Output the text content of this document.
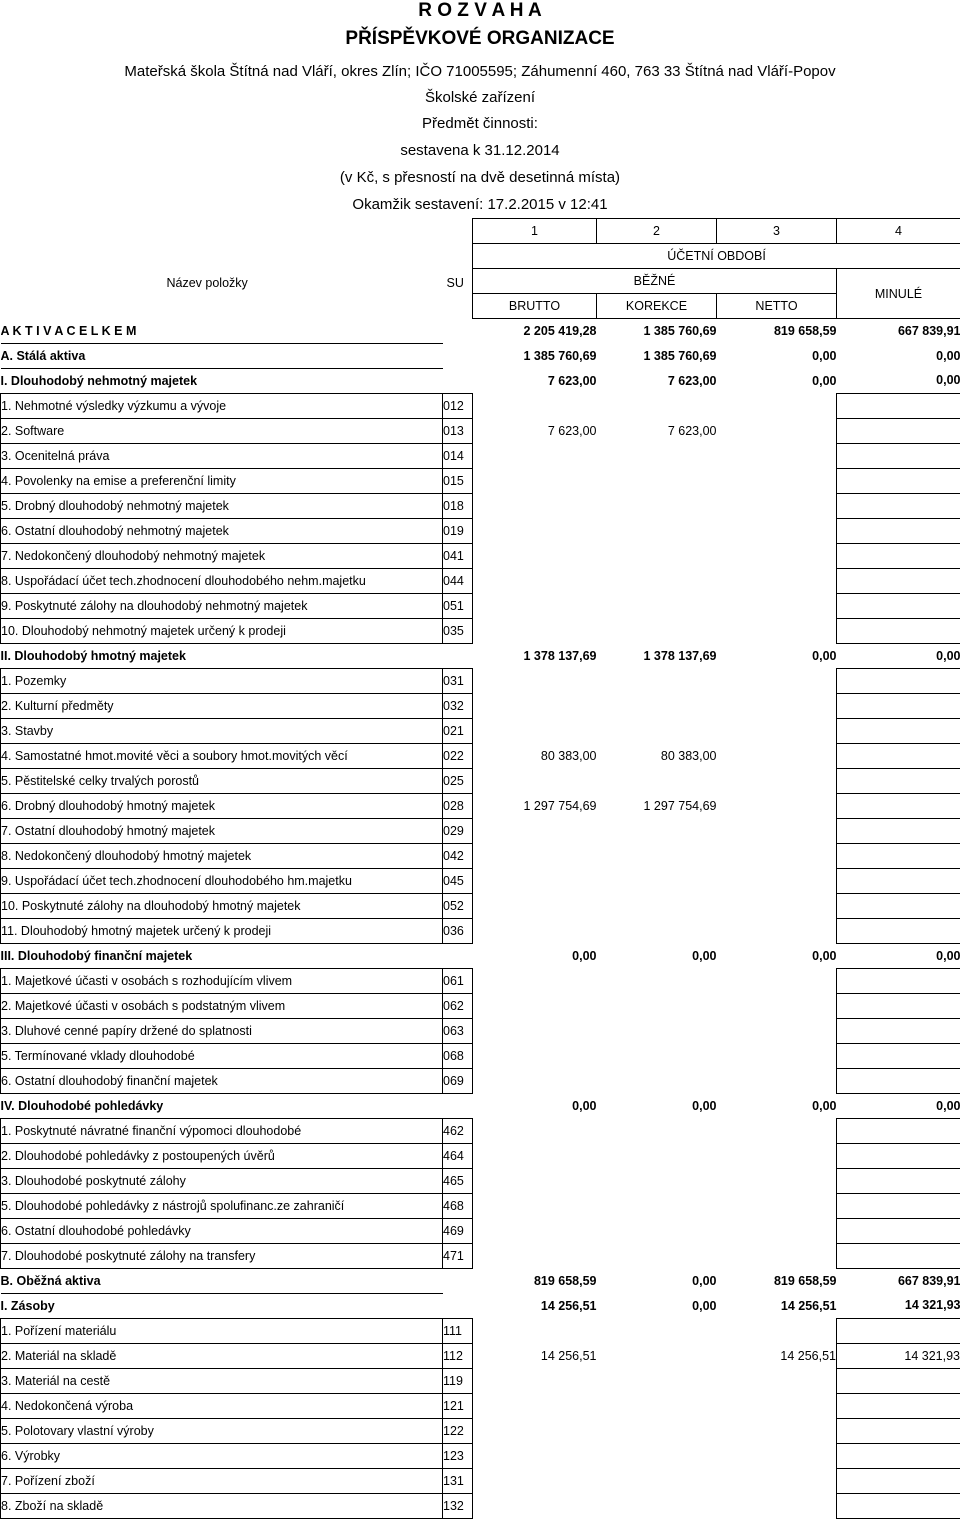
R O Z V A H A
PŘÍSPĚVKOVÉ ORGANIZACE
Mateřská škola Štítná nad Vláří, okres Zlín; IČO 71005595; Záhumenní 460, 763 33 Štítná nad Vláří-Popov
Školské zařízení
Předmět činnosti:
sestavena k 31.12.2014
(v Kč, s přesností na dvě desetinná místa)
Okamžik sestavení: 17.2.2015 v 12:41
Název položky SU		1	2	3	4
		ÚČETNÍ OBDOBÍ			
		BĚŽNÉ			MINULÉ
		BRUTTO	KOREKCE	NETTO	
A K T I V A C E L K E M		2 205 419,28	1 385 760,69	819 658,59	667 839,91
A. Stálá aktiva		1 385 760,69	1 385 760,69	0,00	0,00
I. Dlouhodobý nehmotný majetek		7 623,00	7 623,00	0,00	0,00
1. Nehmotné výsledky výzkumu a vývoje	012				
2. Software	013	7 623,00	7 623,00		
3. Ocenitelná práva	014				
4. Povolenky na emise a preferenční limity	015				
5. Drobný dlouhodobý nehmotný majetek	018				
6. Ostatní dlouhodobý nehmotný majetek	019				
7. Nedokončený dlouhodobý nehmotný majetek	041				
8. Uspořádací účet tech.zhodnocení dlouhodobého nehm.majetku	044				
9. Poskytnuté zálohy na dlouhodobý nehmotný majetek	051				
10. Dlouhodobý nehmotný majetek určený k prodeji	035				
II. Dlouhodobý hmotný majetek		1 378 137,69	1 378 137,69	0,00	0,00
1. Pozemky	031				
2. Kulturní předměty	032				
3. Stavby	021				
4. Samostatné hmot.movité věci a soubory hmot.movitých věcí	022	80 383,00	80 383,00		
5. Pěstitelské celky trvalých porostů	025				
6. Drobný dlouhodobý hmotný majetek	028	1 297 754,69	1 297 754,69		
7. Ostatní dlouhodobý hmotný majetek	029				
8. Nedokončený dlouhodobý hmotný majetek	042				
9. Uspořádací účet tech.zhodnocení dlouhodobého hm.majetku	045				
10. Poskytnuté zálohy na dlouhodobý hmotný majetek	052				
11. Dlouhodobý hmotný majetek určený k prodeji	036				
III. Dlouhodobý finanční majetek		0,00	0,00	0,00	0,00
1. Majetkové účasti v osobách s rozhodujícím vlivem	061				
2. Majetkové účasti v osobách s podstatným vlivem	062				
3. Dluhové cenné papíry držené do splatnosti	063				
5. Termínované vklady dlouhodobé	068				
6. Ostatní dlouhodobý finanční majetek	069				
IV. Dlouhodobé pohledávky		0,00	0,00	0,00	0,00
1. Poskytnuté návratné finanční výpomoci dlouhodobé	462				
2. Dlouhodobé pohledávky z postoupených úvěrů	464				
3. Dlouhodobé poskytnuté zálohy	465				
5. Dlouhodobé pohledávky z nástrojů spolufinanc.ze zahraničí	468				
6. Ostatní dlouhodobé pohledávky	469				
7. Dlouhodobé poskytnuté zálohy na transfery	471				
B. Oběžná aktiva		819 658,59	0,00	819 658,59	667 839,91
I. Zásoby		14 256,51	0,00	14 256,51	14 321,93
1. Pořízení materiálu	111				
2. Materiál na skladě	112	14 256,51		14 256,51	14 321,93
3. Materiál na cestě	119				
4. Nedokončená výroba	121				
5. Polotovary vlastní výroby	122				
6. Výrobky	123				
7. Pořízení zboží	131				
8. Zboží na skladě	132				
